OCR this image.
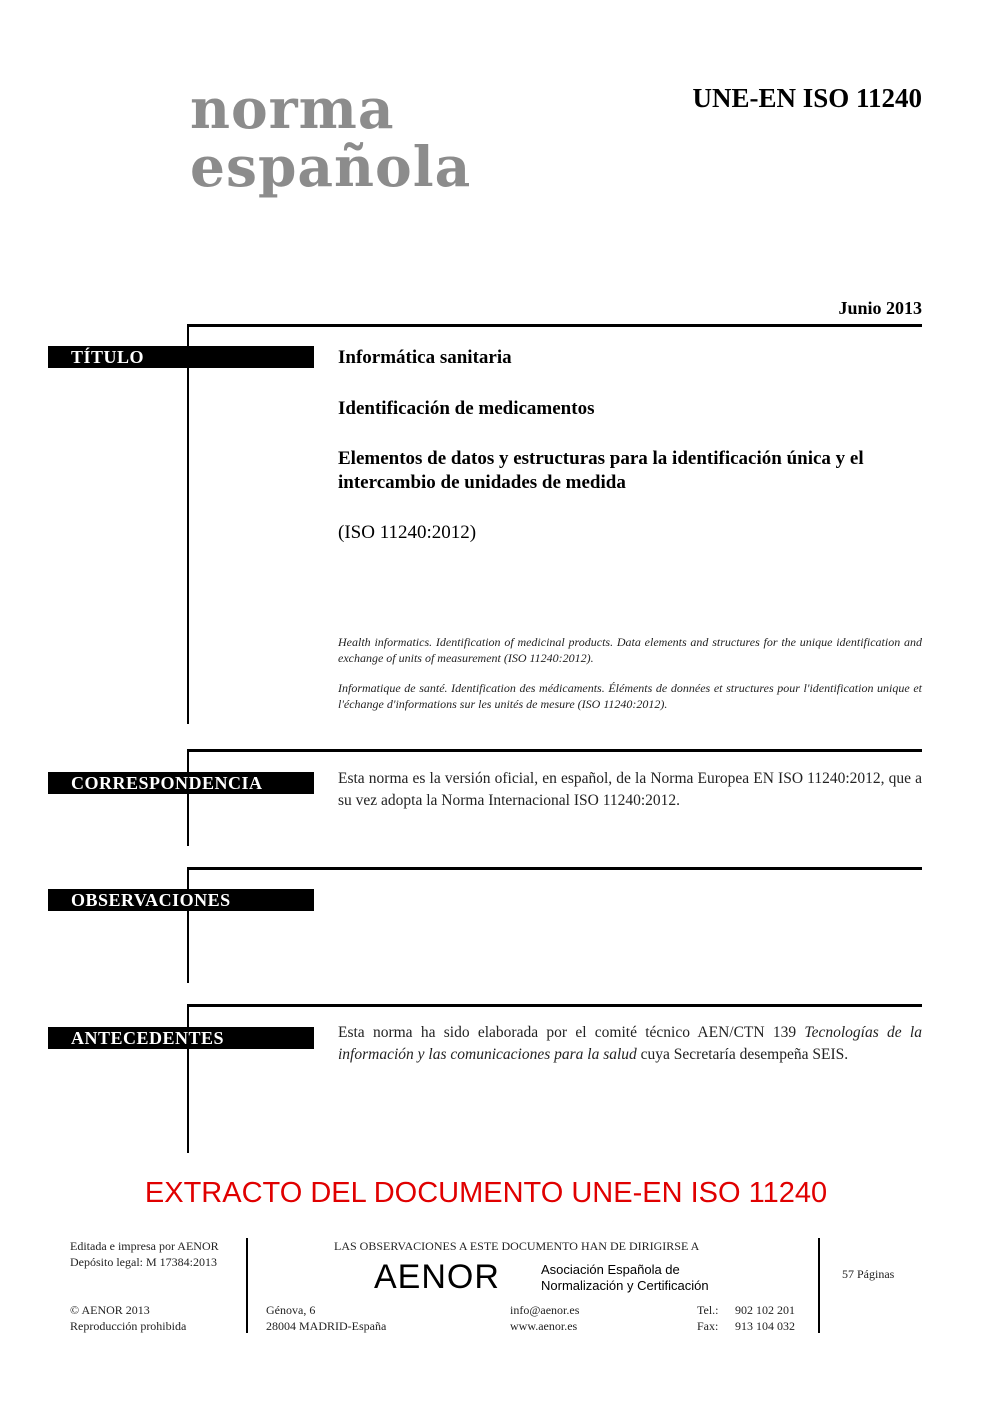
norma
española
UNE-EN ISO 11240
Junio 2013
TÍTULO	Informática sanitaria
Identificación de medicamentos
Elementos de datos y estructuras para la identificación única y el intercambio de unidades de medida
(ISO 11240:2012)
Health informatics. Identification of medicinal products. Data elements and structures for the unique identification and exchange of units of measurement (ISO 11240:2012).
Informatique de santé. Identification des médicaments. Éléments de données et structures pour l'identification unique et l'échange d'informations sur les unités de mesure (ISO 11240:2012).
CORRESPONDENCIA	Esta norma es la versión oficial, en español, de la Norma Europea EN ISO 11240:2012, que a su vez adopta la Norma Internacional ISO 11240:2012.
OBSERVACIONES
ANTECEDENTES	Esta norma ha sido elaborada por el comité técnico AEN/CTN 139 Tecnologías de la información y las comunicaciones para la salud cuya Secretaría desempeña SEIS.
EXTRACTO DEL DOCUMENTO UNE-EN ISO 11240
Editada e impresa por AENOR
Depósito legal: M 17384:2013
© AENOR 2013
Reproducción prohibida
LAS OBSERVACIONES A ESTE DOCUMENTO HAN DE DIRIGIRSE A
AENOR	Asociación Española de
Normalización y Certificación
Génova, 6
28004 MADRID-España
info@aenor.es
www.aenor.es
Tel.: 902 102 201
Fax: 913 104 032
57 Páginas
